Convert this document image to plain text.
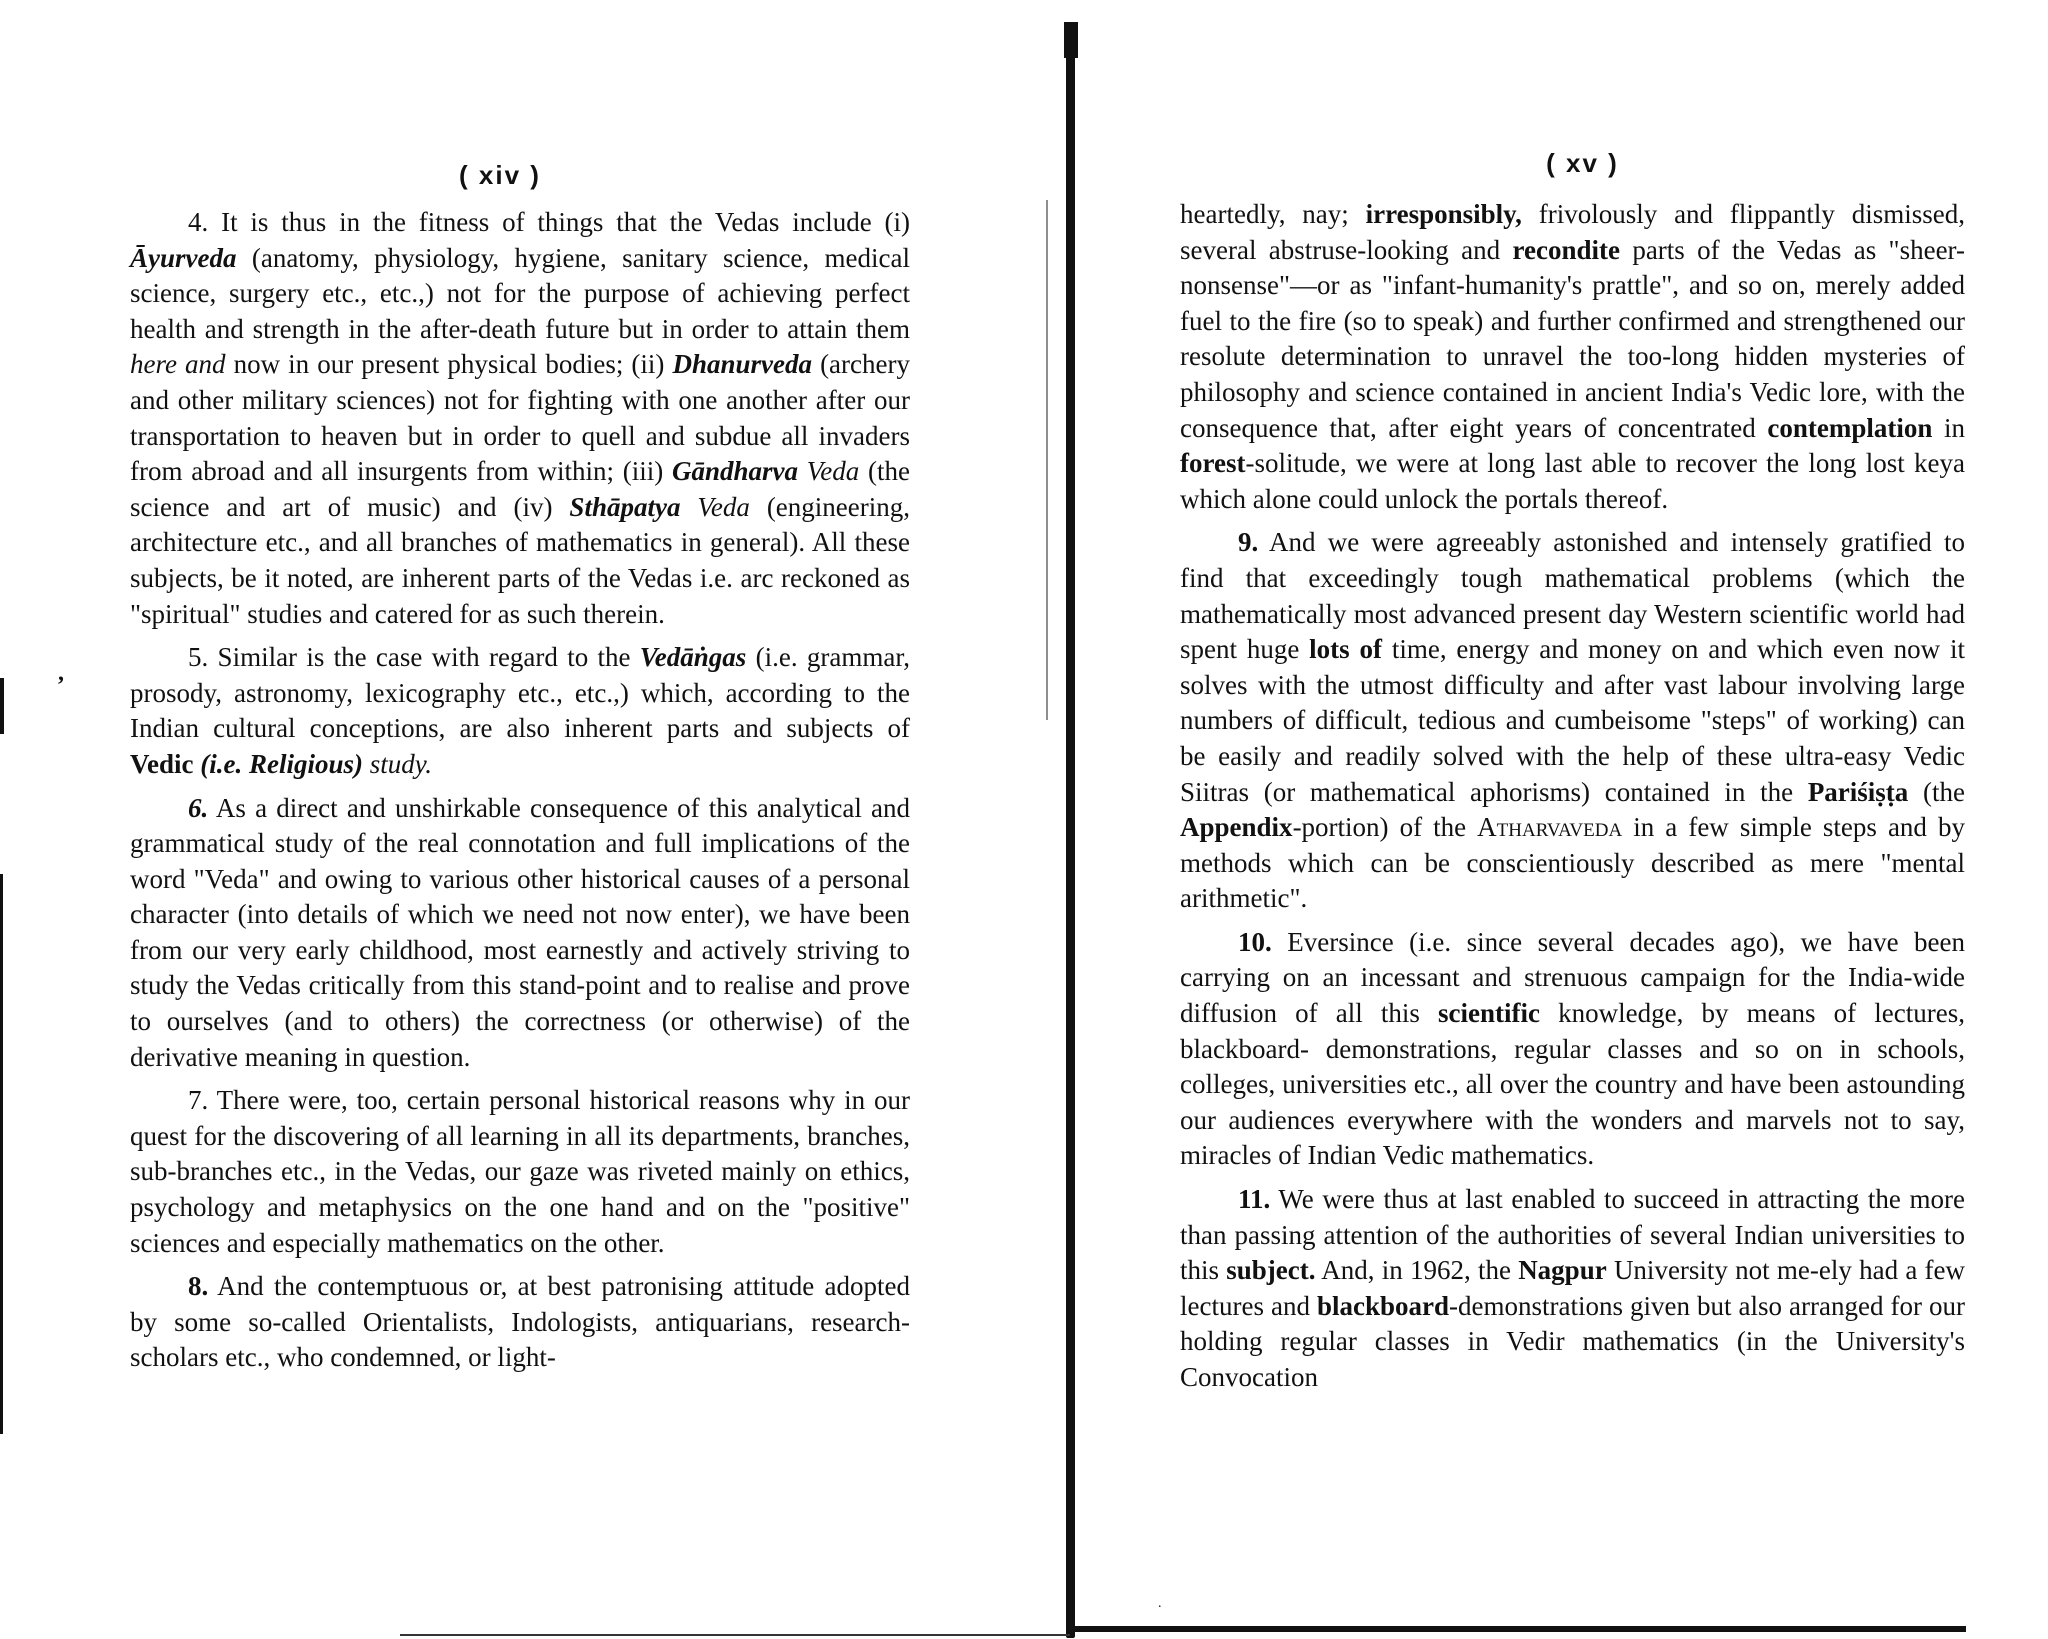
,
.
( xiv )

4. It is thus in the fitness of things that the Vedas include (i) Āyurveda (anatomy, physiology, hygiene, sanitary science, medical science, surgery etc., etc.,) not for the purpose of achieving perfect health and strength in the after-death future but in order to attain them here and now in our present physical bodies; (ii) Dhanurveda (archery and other military sciences) not for fighting with one another after our transportation to heaven but in order to quell and subdue all invaders from abroad and all insurgents from within; (iii) Gāndharva Veda (the science and art of music) and (iv) Sthāpatya Veda (engineering, architecture etc., and all branches of mathematics in general). All these subjects, be it noted, are inherent parts of the Vedas i.e. arc reckoned as "spiritual" studies and catered for as such therein.

5. Similar is the case with regard to the Vedāṅgas (i.e. grammar, prosody, astronomy, lexicography etc., etc.,) which, according to the Indian cultural conceptions, are also inherent parts and subjects of Vedic (i.e. Religious) study.

6. As a direct and unshirkable consequence of this analytical and grammatical study of the real connotation and full implications of the word "Veda" and owing to various other historical causes of a personal character (into details of which we need not now enter), we have been from our very early childhood, most earnestly and actively striving to study the Vedas critically from this stand-point and to realise and prove to ourselves (and to others) the correctness (or otherwise) of the derivative meaning in question.

7. There were, too, certain personal historical reasons why in our quest for the discovering of all learning in all its departments, branches, sub-branches etc., in the Vedas, our gaze was riveted mainly on ethics, psychology and metaphysics on the one hand and on the "positive" sciences and especially mathematics on the other.

8. And the contemptuous or, at best patronising attitude adopted by some so-called Orientalists, Indologists, antiquarians, research-scholars etc., who condemned, or light-

( xv )

heartedly, nay; irresponsibly, frivolously and flippantly dismissed, several abstruse-looking and recondite parts of the Vedas as "sheer-nonsense"—or as "infant-humanity's prattle", and so on, merely added fuel to the fire (so to speak) and further confirmed and strengthened our resolute determination to unravel the too-long hidden mysteries of philosophy and science contained in ancient India's Vedic lore, with the consequence that, after eight years of concentrated contemplation in forest-solitude, we were at long last able to recover the long lost keya which alone could unlock the portals thereof.

9. And we were agreeably astonished and intensely gratified to find that exceedingly tough mathematical problems (which the mathematically most advanced present day Western scientific world had spent huge lots of time, energy and money on and which even now it solves with the utmost difficulty and after vast labour involving large numbers of difficult, tedious and cumbeisome "steps" of working) can be easily and readily solved with the help of these ultra-easy Vedic Siitras (or mathematical aphorisms) contained in the Pariśiṣṭa (the Appendix-portion) of the Atharvaveda in a few simple steps and by methods which can be conscientiously described as mere "mental arithmetic".

10. Eversince (i.e. since several decades ago), we have been carrying on an incessant and strenuous campaign for the India-wide diffusion of all this scientific knowledge, by means of lectures, blackboard- demonstrations, regular classes and so on in schools, colleges, universities etc., all over the country and have been astounding our audiences everywhere with the wonders and marvels not to say, miracles of Indian Vedic mathematics.

11. We were thus at last enabled to succeed in attracting the more than passing attention of the authorities of several Indian universities to this subject. And, in 1962, the Nagpur University not me-ely had a few lectures and blackboard-demonstrations given but also arranged for our holding regular classes in Vedir mathematics (in the University's Convocation
